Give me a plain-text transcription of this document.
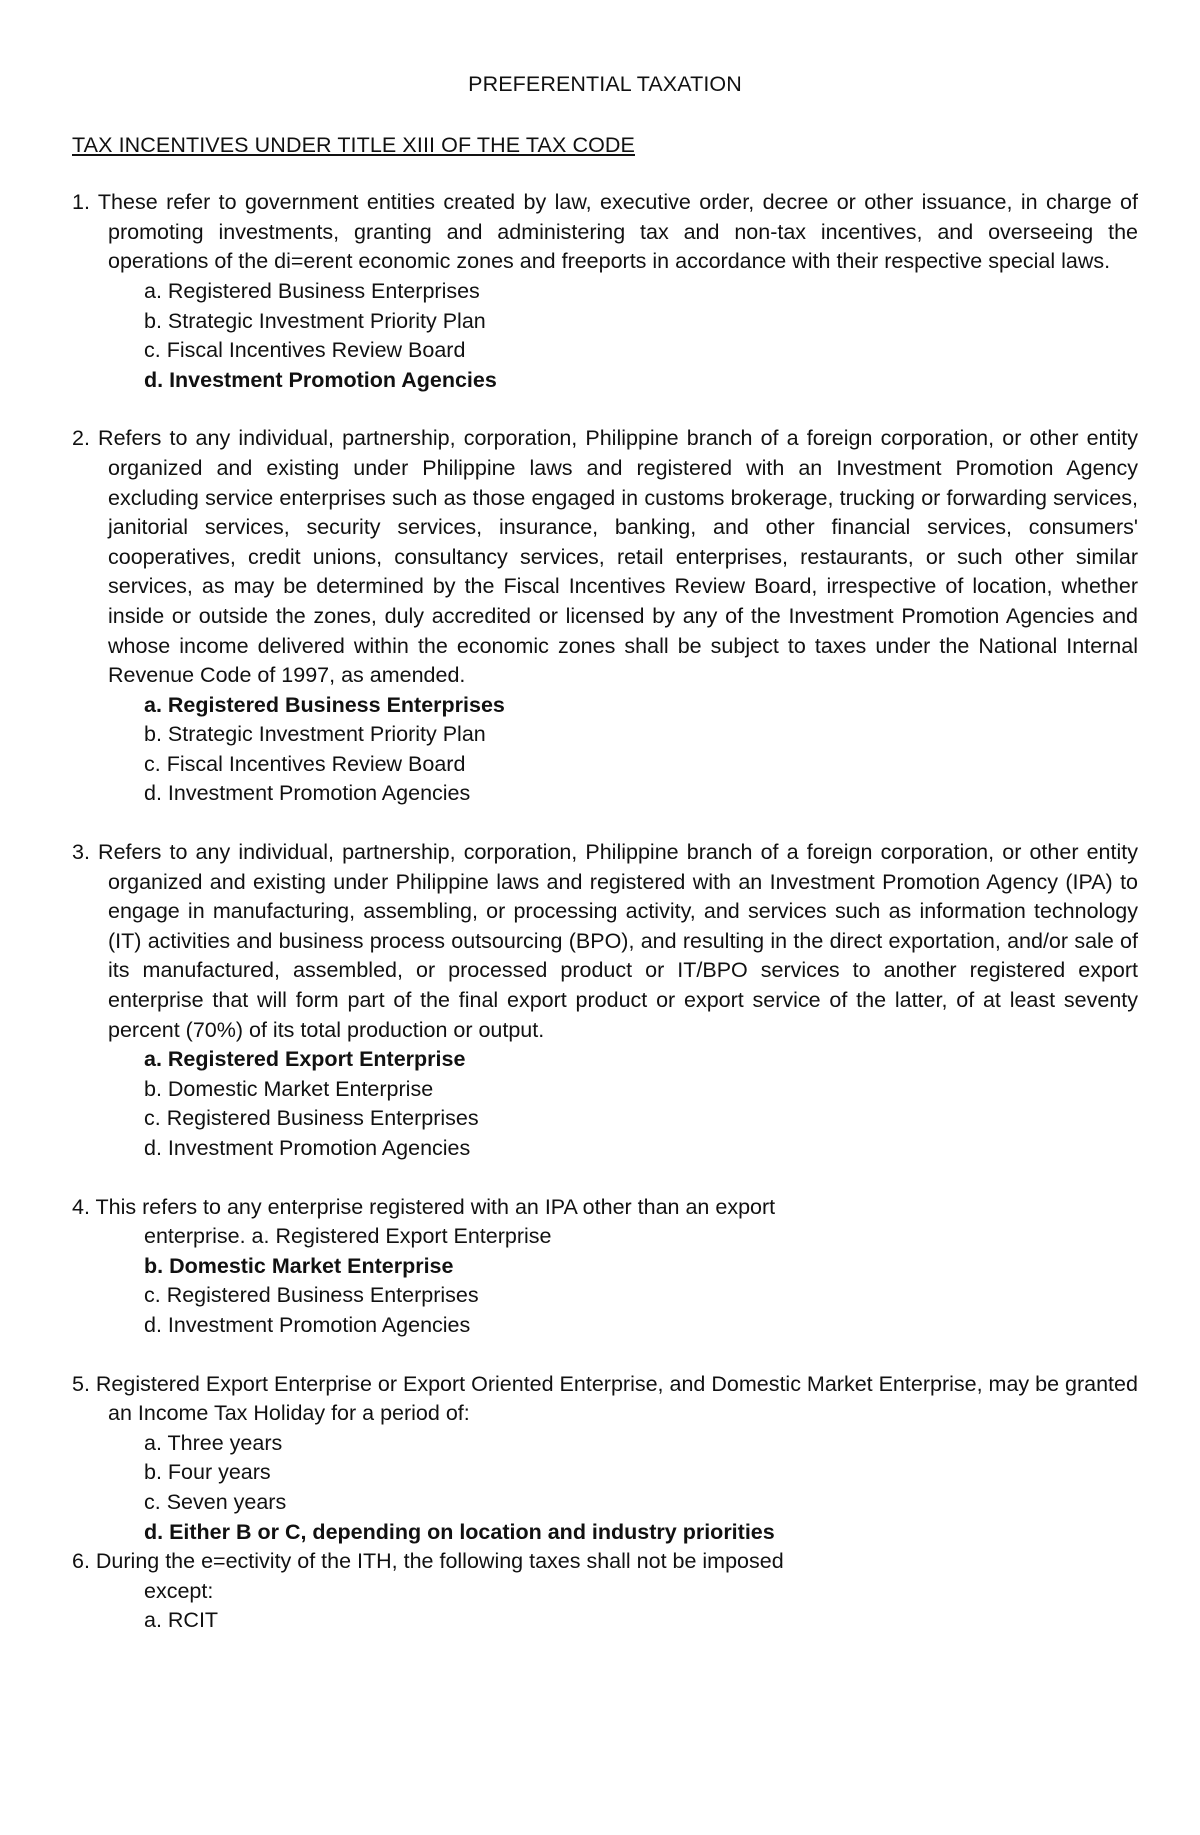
PREFERENTIAL TAXATION
TAX INCENTIVES UNDER TITLE XIII OF THE TAX CODE

1. These refer to government entities created by law, executive order, decree or other issuance, in charge of promoting investments, granting and administering tax and non-tax incentives, and overseeing the operations of the di=erent economic zones and freeports in accordance with their respective special laws.

a. Registered Business Enterprises
b. Strategic Investment Priority Plan
c. Fiscal Incentives Review Board
d. Investment Promotion Agencies

2. Refers to any individual, partnership, corporation, Philippine branch of a foreign corporation, or other entity organized and existing under Philippine laws and registered with an Investment Promotion Agency excluding service enterprises such as those engaged in customs brokerage, trucking or forwarding services, janitorial services, security services, insurance, banking, and other financial services, consumers' cooperatives, credit unions, consultancy services, retail enterprises, restaurants, or such other similar services, as may be determined by the Fiscal Incentives Review Board, irrespective of location, whether inside or outside the zones, duly accredited or licensed by any of the Investment Promotion Agencies and whose income delivered within the economic zones shall be subject to taxes under the National Internal Revenue Code of 1997, as amended.

a. Registered Business Enterprises
b. Strategic Investment Priority Plan
c. Fiscal Incentives Review Board
d. Investment Promotion Agencies

3. Refers to any individual, partnership, corporation, Philippine branch of a foreign corporation, or other entity organized and existing under Philippine laws and registered with an Investment Promotion Agency (IPA) to engage in manufacturing, assembling, or processing activity, and services such as information technology (IT) activities and business process outsourcing (BPO), and resulting in the direct exportation, and/or sale of its manufactured, assembled, or processed product or IT/BPO services to another registered export enterprise that will form part of the final export product or export service of the latter, of at least seventy percent (70%) of its total production or output.

a. Registered Export Enterprise
b. Domestic Market Enterprise
c. Registered Business Enterprises
d. Investment Promotion Agencies

4. This refers to any enterprise registered with an IPA other than an export

enterprise. a. Registered Export Enterprise
b. Domestic Market Enterprise
c. Registered Business Enterprises
d. Investment Promotion Agencies

5. Registered Export Enterprise or Export Oriented Enterprise, and Domestic Market Enterprise, may be granted an Income Tax Holiday for a period of:

a. Three years
b. Four years
c. Seven years
d. Either B or C, depending on location and industry priorities

6. During the e=ectivity of the ITH, the following taxes shall not be imposed

except:
a. RCIT
